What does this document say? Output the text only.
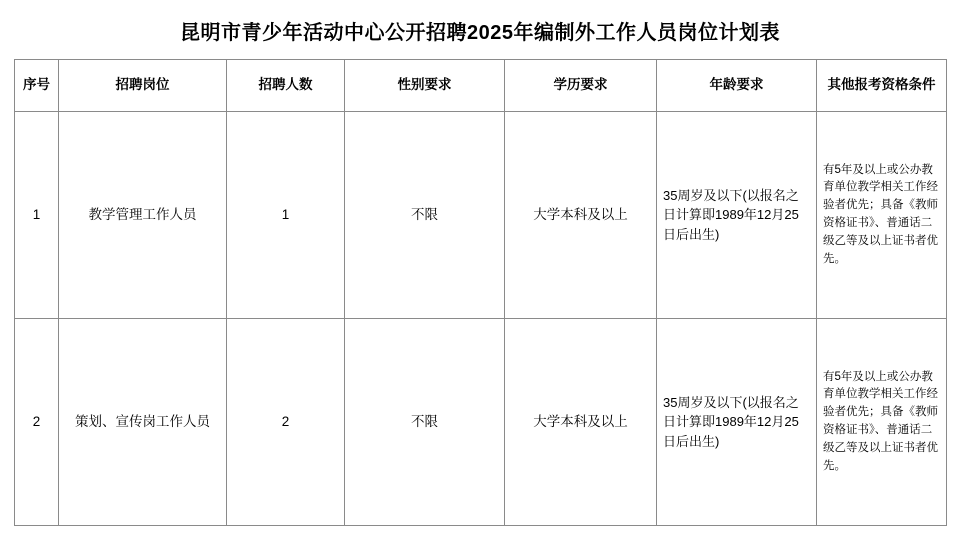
昆明市青少年活动中心公开招聘2025年编制外工作人员岗位计划表
序号	招聘岗位	招聘人数	性别要求	学历要求	年龄要求	其他报考资格条件
1	教学管理工作人员	1	不限	大学本科及以上	35周岁及以下(以报名之日计算即1989年12月25日后出生)	有5年及以上或公办教育单位教学相关工作经验者优先；具备《教师资格证书》、普通话二级乙等及以上证书者优先。
2	策划、宣传岗工作人员	2	不限	大学本科及以上	35周岁及以下(以报名之日计算即1989年12月25日后出生)	有5年及以上或公办教育单位教学相关工作经验者优先；具备《教师资格证书》、普通话二级乙等及以上证书者优先。
